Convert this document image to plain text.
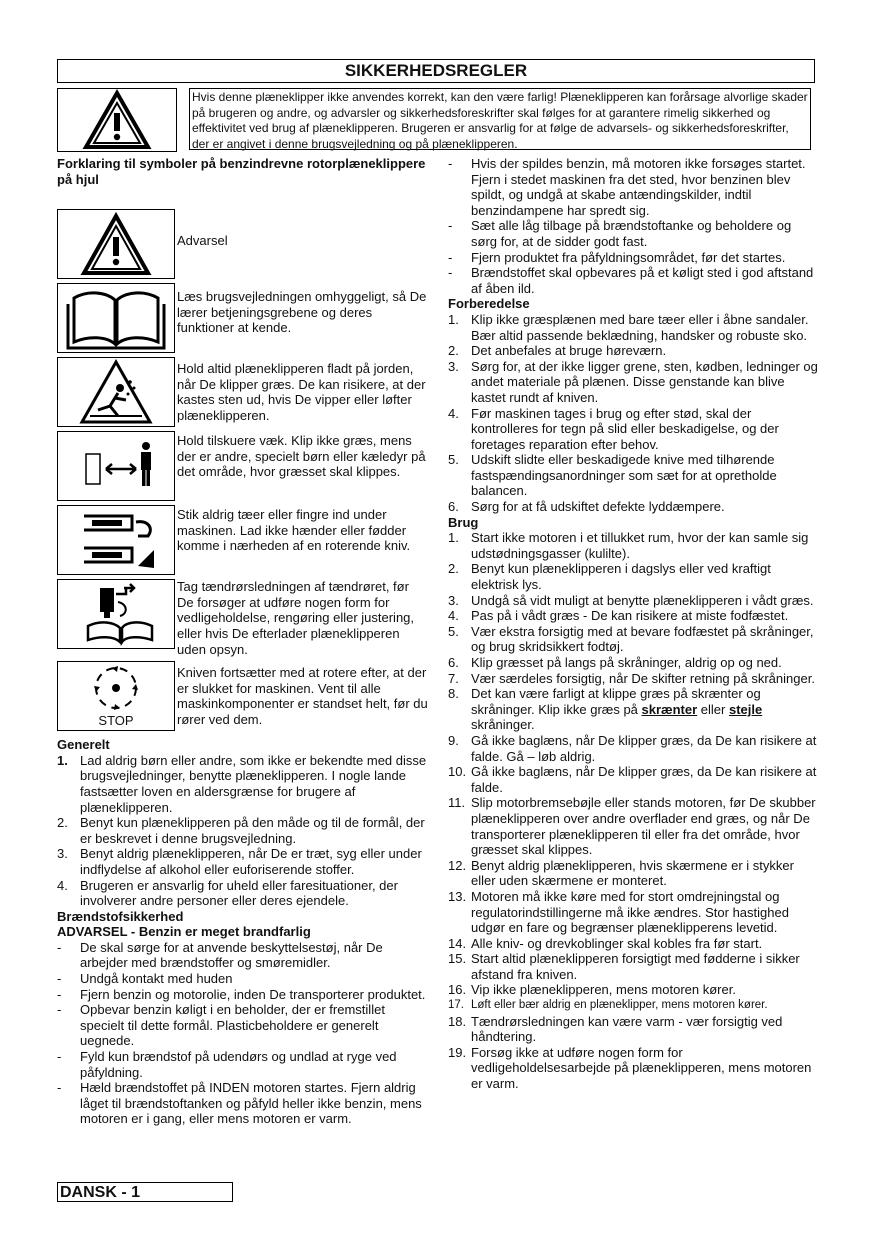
SIKKERHEDSREGLER
Hvis denne plæneklipper ikke anvendes korrekt, kan den være farlig! Plæneklipperen kan forårsage alvorlige skader på brugeren og andre, og advarsler og sikkerhedsforeskrifter skal følges for at garantere rimelig sikkerhed og effektivitet ved brug af plæneklipperen. Brugeren er ansvarlig for at følge de advarsels- og sikkerhedsforeskrifter, der er angivet i denne brugsvejledning og på plæneklipperen.
Forklaring til symboler på benzindrevne rotorplæneklippere på hjul
Advarsel
Læs brugsvejledningen omhyggeligt, så De lærer betjeningsgrebene og deres funktioner at kende.
Hold altid plæneklipperen fladt på jorden, når De klipper græs. De kan risikere, at der kastes sten ud, hvis De vipper eller løfter plæneklipperen.
Hold tilskuere væk. Klip ikke græs, mens der er andre, specielt børn eller kæledyr på det område, hvor græsset skal klippes.
Stik aldrig tæer eller fingre ind under maskinen. Lad ikke hænder eller fødder komme i nærheden af en roterende kniv.
Tag tændrørsledningen af tændrøret, før De forsøger at udføre nogen form for vedligeholdelse, rengøring eller justering, eller hvis De efterlader plæneklipperen uden opsyn.
STOP
Kniven fortsætter med at rotere efter, at der er slukket for maskinen. Vent til alle maskinkomponenter er standset helt, før du rører ved dem.
Generelt
1. Lad aldrig børn eller andre, som ikke er bekendte med disse brugsvejledninger, benytte plæneklipperen. I nogle lande fastsætter loven en aldersgrænse for brugere af plæneklipperen.
2. Benyt kun plæneklipperen på den måde og til de formål, der er beskrevet i denne brugsvejledning.
3. Benyt aldrig plæneklipperen, når De er træt, syg eller under indflydelse af alkohol eller euforiserende stoffer.
4. Brugeren er ansvarlig for uheld eller faresituationer, der involverer andre personer eller deres ejendele.
Brændstofsikkerhed
ADVARSEL - Benzin er meget brandfarlig
- De skal sørge for at anvende beskyttelsestøj, når De arbejder med brændstoffer og smøremidler.
- Undgå kontakt med huden
- Fjern benzin og motorolie, inden De transporterer produktet.
- Opbevar benzin køligt i en beholder, der er fremstillet specielt til dette formål. Plasticbeholdere er generelt uegnede.
- Fyld kun brændstof på udendørs og undlad at ryge ved påfyldning.
- Hæld brændstoffet på INDEN motoren startes. Fjern aldrig låget til brændstoftanken og påfyld heller ikke benzin, mens motoren er i gang, eller mens motoren er varm.
- Hvis der spildes benzin, må motoren ikke forsøges startet. Fjern i stedet maskinen fra det sted, hvor benzinen blev spildt, og undgå at skabe antændingskilder, indtil benzindampene har spredt sig.
- Sæt alle låg tilbage på brændstoftanke og beholdere og sørg for, at de sidder godt fast.
- Fjern produktet fra påfyldningsområdet, før det startes.
- Brændstoffet skal opbevares på et køligt sted i god aftstand af åben ild.
Forberedelse
1. Klip ikke græsplænen med bare tæer eller i åbne sandaler. Bær altid passende beklædning, handsker og robuste sko.
2. Det anbefales at bruge høreværn.
3. Sørg for, at der ikke ligger grene, sten, kødben, ledninger og andet materiale på plænen. Disse genstande kan blive kastet rundt af kniven.
4. Før maskinen tages i brug og efter stød, skal der kontrolleres for tegn på slid eller beskadigelse, og der foretages reparation efter behov.
5. Udskift slidte eller beskadigede knive med tilhørende fastspændingsanordninger som sæt for at opretholde balancen.
6. Sørg for at få udskiftet defekte lyddæmpere.
Brug
1. Start ikke motoren i et tillukket rum, hvor der kan samle sig udstødningsgasser (kulilte).
2. Benyt kun plæneklipperen i dagslys eller ved kraftigt elektrisk lys.
3. Undgå så vidt muligt at benytte plæneklipperen i vådt græs.
4. Pas på i vådt græs - De kan risikere at miste fodfæstet.
5. Vær ekstra forsigtig med at bevare fodfæstet på skråninger, og brug skridsikkert fodtøj.
6. Klip græsset på langs på skråninger, aldrig op og ned.
7. Vær særdeles forsigtig, når De skifter retning på skråninger.
8. Det kan være farligt at klippe græs på skrænter og skråninger. Klip ikke græs på skrænter eller stejle skråninger.
9. Gå ikke baglæns, når De klipper græs, da De kan risikere at falde. Gå – løb aldrig.
10. Gå ikke baglæns, når De klipper græs, da De kan risikere at falde.
11. Slip motorbremsebøjle eller stands motoren, før De skubber plæneklipperen over andre overflader end græs, og når De transporterer plæneklipperen til eller fra det område, hvor græsset skal klippes.
12. Benyt aldrig plæneklipperen, hvis skærmene er i stykker eller uden skærmene er monteret.
13. Motoren må ikke køre med for stort omdrejningstal og regulatorindstillingerne må ikke ændres. Stor hastighed udgør en fare og begrænser plæneklipperens levetid.
14. Alle kniv- og drevkoblinger skal kobles fra før start.
15. Start altid plæneklipperen forsigtigt med fødderne i sikker afstand fra kniven.
16. Vip ikke plæneklipperen, mens motoren kører.
17. Løft eller bær aldrig en plæneklipper, mens motoren kører.
18. Tændrørsledningen kan være varm - vær forsigtig ved håndtering.
19. Forsøg ikke at udføre nogen form for vedligeholdelsesarbejde på plæneklipperen, mens motoren er varm.
DANSK - 1
